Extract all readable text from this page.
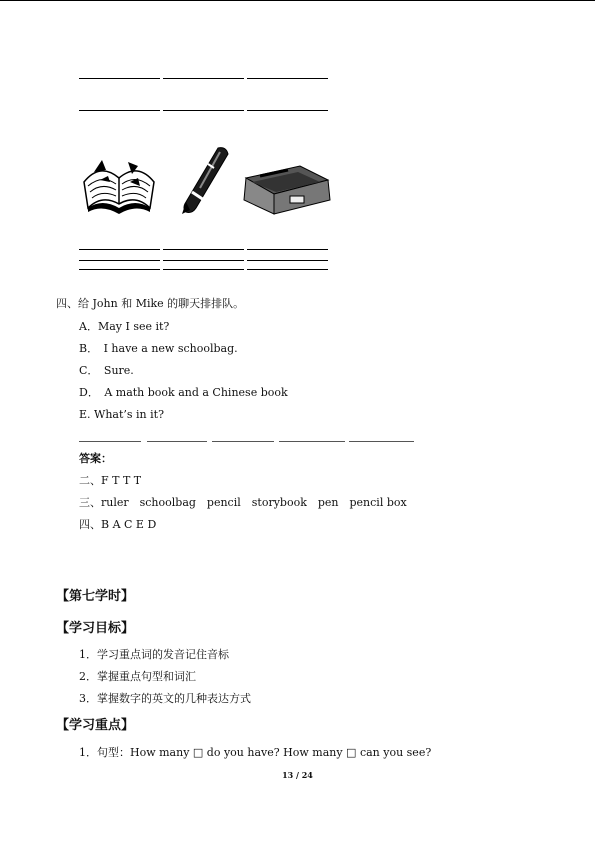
四、给 John 和 Mike 的聊天排排队。
A．May I see it?
B．　I have a new schoolbag.
C．　Sure.
D．　A math book and a Chinese book
E. What’s in it?
答案：
二、F T T T
三、ruler　schoolbag　pencil　storybook　pen　pencil box
四、B A C E D
【第七学时】
【学习目标】
1．学习重点词的发音记住音标
2．掌握重点句型和词汇
3．掌握数字的英文的几种表达方式
【学习重点】
1．句型：How many □ do you have? How many □ can you see?
13 / 24
